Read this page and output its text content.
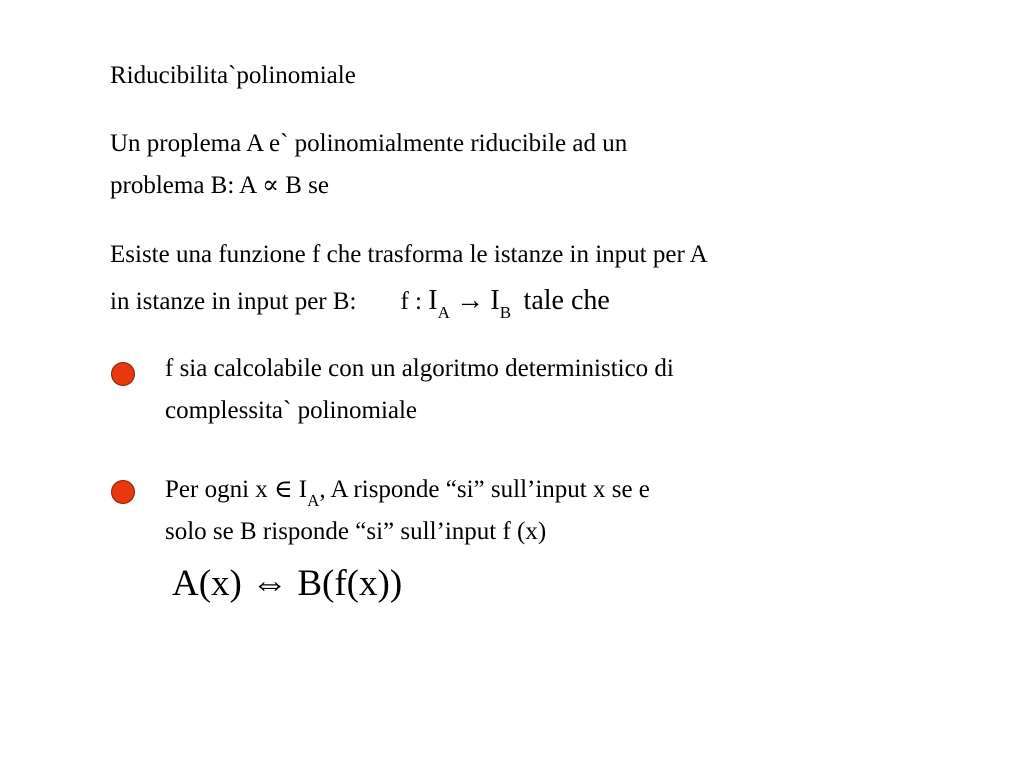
Riducibilita`polinomiale
Un proplema A e` polinomialmente riducibile ad un
problema B: A ∝ B se
Esiste una funzione f che trasforma le istanze in input per A
in istanze in input per B: f : $I_A \to I_B$ tale che
f sia calcolabile con un algoritmo deterministico di
complessita` polinomiale
Per ogni x ∈ $I_A$, A risponde “si” sull’input x se e
solo se B risponde “si” sull’input f (x)
A(x) ⇔ B(f(x))
